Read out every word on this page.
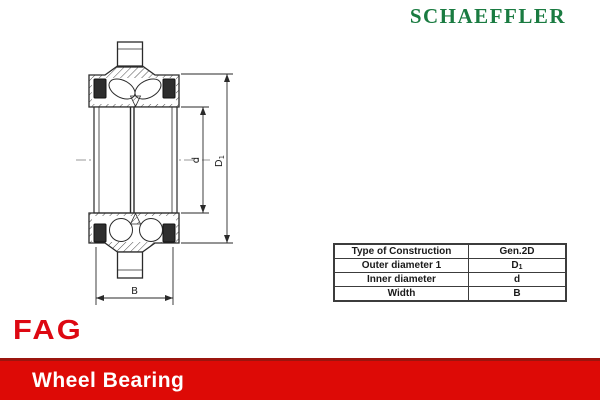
SCHAEFFLER
$D_1$
d
B
Type of Construction	Gen.2D
Outer diameter 1	$D_1$
Inner diameter	d
Width	B
FAG
Wheel Bearing
